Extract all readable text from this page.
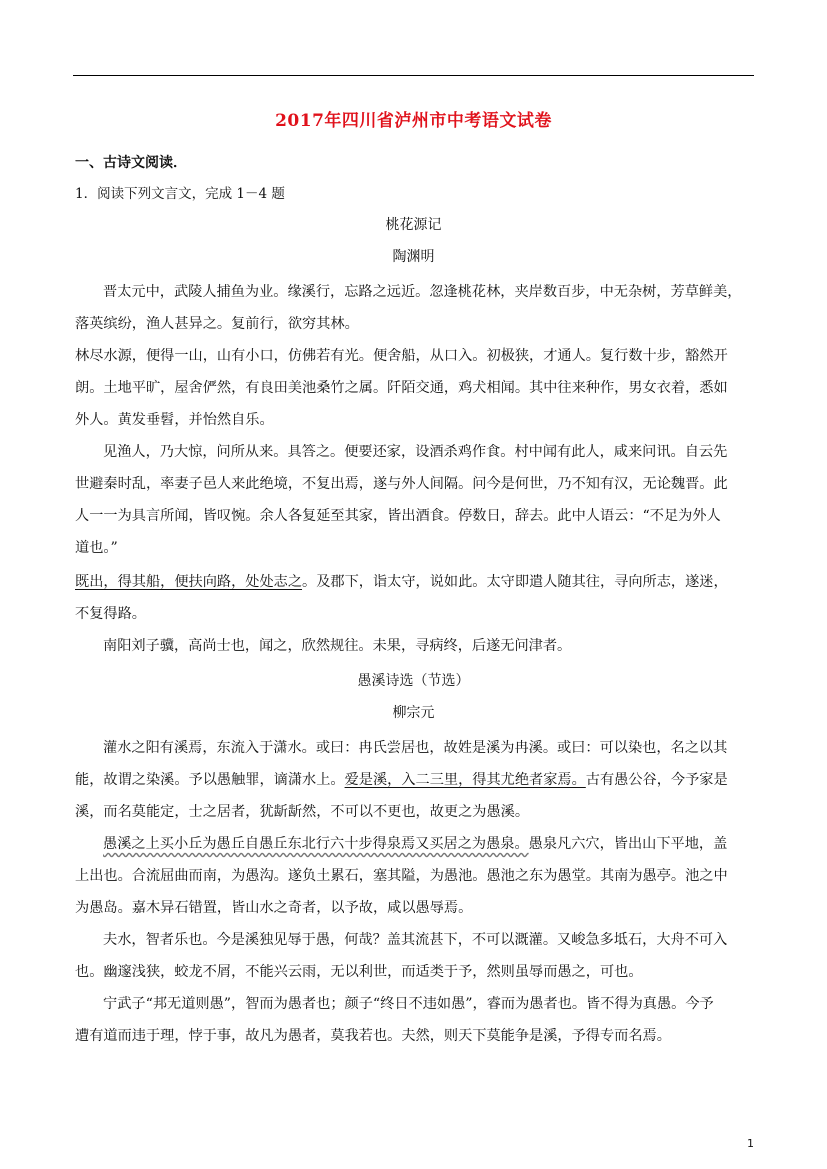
2017年四川省泸州市中考语文试卷
一、古诗文阅读．
1．阅读下列文言文，完成 1－4 题
桃花源记
陶渊明
晋太元中，武陵人捕鱼为业。缘溪行，忘路之远近。忽逢桃花林，夹岸数百步，中无杂树，芳草鲜美，
落英缤纷，渔人甚异之。复前行，欲穷其林。
林尽水源，便得一山，山有小口，仿佛若有光。便舍船，从口入。初极狭，才通人。复行数十步，豁然开
朗。土地平旷，屋舍俨然，有良田美池桑竹之属。阡陌交通，鸡犬相闻。其中往来种作，男女衣着，悉如
外人。黄发垂髫，并怡然自乐。
见渔人，乃大惊，问所从来。具答之。便要还家，设酒杀鸡作食。村中闻有此人，咸来问讯。自云先
世避秦时乱，率妻子邑人来此绝境，不复出焉，遂与外人间隔。问今是何世，乃不知有汉，无论魏晋。此
人一一为具言所闻，皆叹惋。余人各复延至其家，皆出酒食。停数日，辞去。此中人语云：“不足为外人
道也。”
既出，得其船，便扶向路，处处志之。及郡下，诣太守，说如此。太守即遣人随其往，寻向所志，遂迷，
不复得路。
南阳刘子骥，高尚士也，闻之，欣然规往。未果，寻病终，后遂无问津者。
愚溪诗选（节选）
柳宗元
灌水之阳有溪焉，东流入于潇水。或曰：冉氏尝居也，故姓是溪为冉溪。或曰：可以染也，名之以其
能，故谓之染溪。予以愚触罪，谪潇水上。爱是溪，入二三里，得其尤绝者家焉。古有愚公谷，今予家是
溪，而名莫能定，士之居者，犹龂龂然，不可以不更也，故更之为愚溪。
愚溪之上买小丘为愚丘自愚丘东北行六十步得泉焉又买居之为愚泉。愚泉凡六穴，皆出山下平地，盖
上出也。合流屈曲而南，为愚沟。遂负土累石，塞其隘，为愚池。愚池之东为愚堂。其南为愚亭。池之中
为愚岛。嘉木异石错置，皆山水之奇者，以予故，咸以愚辱焉。
夫水，智者乐也。今是溪独见辱于愚，何哉？盖其流甚下，不可以溉灌。又峻急多坻石，大舟不可入
也。幽邃浅狭，蛟龙不屑，不能兴云雨，无以利世，而适类于予，然则虽辱而愚之，可也。
宁武子“邦无道则愚”，智而为愚者也；颜子“终日不违如愚”，睿而为愚者也。皆不得为真愚。今予
遭有道而违于理，悖于事，故凡为愚者，莫我若也。夫然，则天下莫能争是溪，予得专而名焉。
1
